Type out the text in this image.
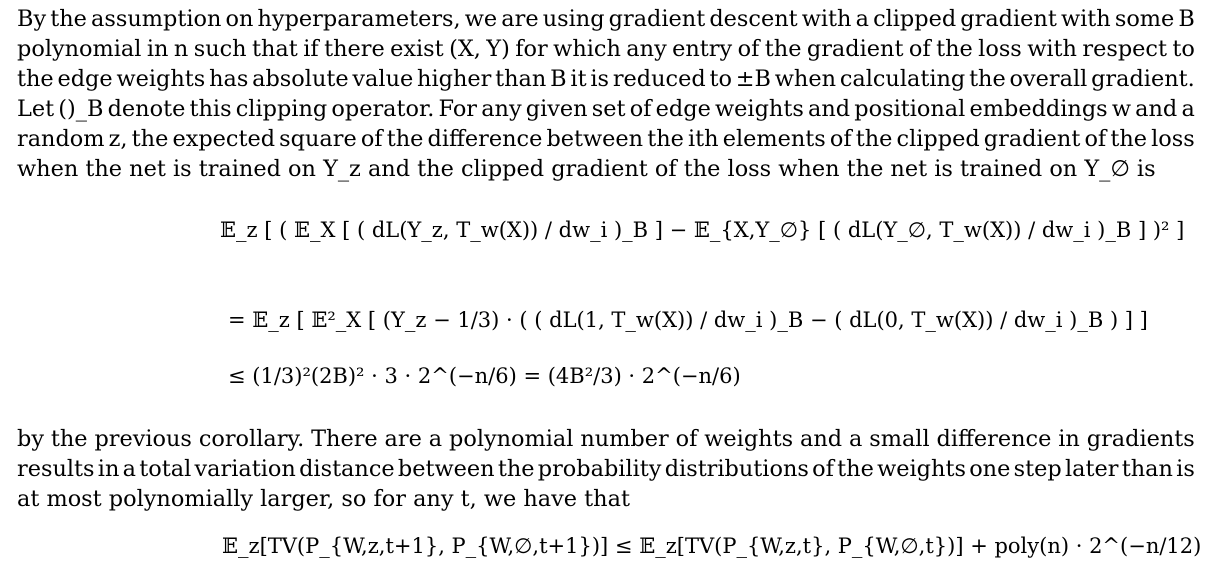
By the assumption on hyperparameters, we are using gradient descent with a clipped gradient with some B
polynomial in n such that if there exist (X, Y) for which any entry of the gradient of the loss with respect to
the edge weights has absolute value higher than B it is reduced to ±B when calculating the overall gradient.
Let ()_B denote this clipping operator. For any given set of edge weights and positional embeddings w and a
random z, the expected square of the difference between the ith elements of the clipped gradient of the loss
when the net is trained on Y_z and the clipped gradient of the loss when the net is trained on Y_∅ is
𝔼_z [ ( 𝔼_X [ ( dL(Y_z, T_w(X)) / dw_i )_B ] − 𝔼_{X,Y_∅} [ ( dL(Y_∅, T_w(X)) / dw_i )_B ] )² ]
= 𝔼_z [ 𝔼²_X [ (Y_z − 1/3) · ( ( dL(1, T_w(X)) / dw_i )_B − ( dL(0, T_w(X)) / dw_i )_B ) ] ]
≤ (1/3)²(2B)² · 3 · 2^(−n/6) = (4B²/3) · 2^(−n/6)
by the previous corollary. There are a polynomial number of weights and a small difference in gradients
results in a total variation distance between the probability distributions of the weights one step later than is
at most polynomially larger, so for any t, we have that
𝔼_z[TV(P_{W,z,t+1}, P_{W,∅,t+1})] ≤ 𝔼_z[TV(P_{W,z,t}, P_{W,∅,t})] + poly(n) · 2^(−n/12)
